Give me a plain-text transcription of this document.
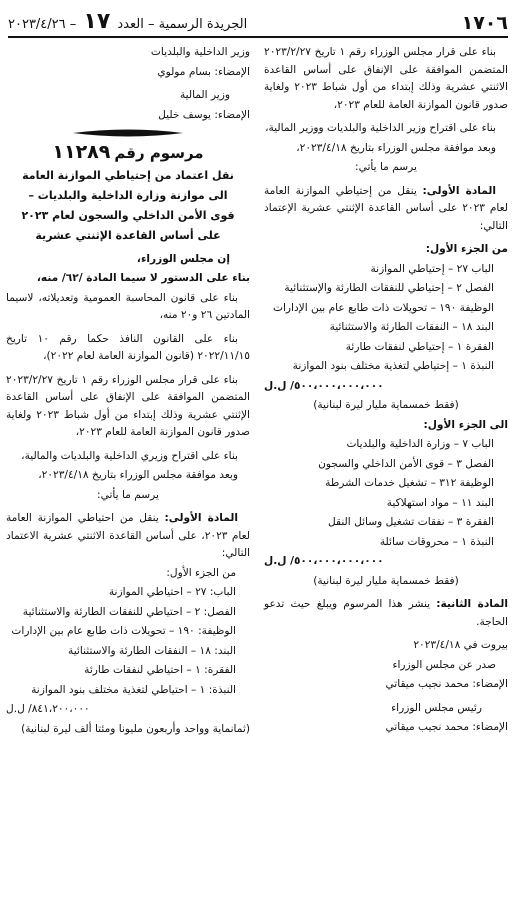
١٧٠٦
الجريدة الرسمية – العدد ١٧ – ٢٠٢٣/٤/٢٦

بناء على قرار مجلس الوزراء رقم ١ تاريخ ٢٠٢٣/٢/٢٧ المتضمن الموافقة على الإنفاق على أساس القاعدة الاثنتي عشرية وذلك إبتداء من أول شباط ٢٠٢٣ ولغاية صدور قانون الموازنة العامة للعام ٢٠٢٣،

بناء على اقتراح وزير الداخلية والبلديات ووزير المالية،

وبعد موافقة مجلس الوزراء بتاريخ ٢٠٢٣/٤/١٨،

يرسم ما يأتي:

المادة الأولى: ينقل من إحتياطي الموازنة العامة لعام ٢٠٢٣ على أساس القاعدة الإثنتي عشرية الإعتماد التالي:

من الجزء الأول:

الباب ٢٧ – إحتياطي الموازنة

الفصل ٢ – إحتياطي للنفقات الطارئة والإستثنائية

الوظيفة ١٩٠ – تحويلات ذات طابع عام بين الإدارات

البند ١٨ – النفقات الطارئة والاستثنائية

الفقرة ١ – إحتياطي لنفقات طارئة

النبذة ١ – إحتياطي لتغذية مختلف بنود الموازنة

٥٠٠،٠٠٠،٠٠٠،٠٠٠/ ل.ل

(فقط خمسماية مليار ليرة لبنانية)

الى الجزء الأول:

الباب ٧ – وزارة الداخلية والبلديات

الفصل ٣ – قوى الأمن الداخلي والسجون

الوظيفة ٣١٢ – تشغيل خدمات الشرطة

البند ١١ – مواد استهلاكية

الفقرة ٣ – نفقات تشغيل وسائل النقل

النبذة ١ – محروقات سائلة

٥٠٠،٠٠٠،٠٠٠،٠٠٠/ ل.ل

(فقط خمسماية مليار ليرة لبنانية)

المادة الثانية: ينشر هذا المرسوم ويبلغ حيث تدعو الحاجة.

بيروت في ٢٠٢٣/٤/١٨

صدر عن مجلس الوزراء

الإمضاء: محمد نجيب ميقاتي

رئيس مجلس الوزراء

الإمضاء: محمد نجيب ميقاتي

وزير الداخلية والبلديات

الإمضاء: بسام مولوي

وزير المالية

الإمضاء: يوسف خليل

مرسوم رقم١١٢٨٩

نقل اعتماد من إحتياطي الموازنة العامة

الى موازنة وزارة الداخلية والبلديات –

قوى الأمن الداخلي والسجون لعام ٢٠٢٣

على أساس القاعدة الإثنتي عشرية

إن مجلس الوزراء،

بناء على الدستور لا سيما المادة /٦٢/ منه،

بناء على قانون المحاسبة العمومية وتعديلاته، لاسيما المادتين ٢٦ و٢٠ منه،

بناء على القانون النافذ حكما رقم ١٠ تاريخ ٢٠٢٢/١١/١٥ (قانون الموازنة العامة لعام ٢٠٢٢)،

بناء على قرار مجلس الوزراء رقم ١ تاريخ ٢٠٢٣/٢/٢٧ المتضمن الموافقة على الإنفاق على أساس القاعدة الإثنتي عشرية وذلك إبتداء من أول شباط ٢٠٢٣ ولغاية صدور قانون الموازنة العامة للعام ٢٠٢٣،

بناء على اقتراح وزيري الداخلية والبلديات والمالية،

وبعد موافقة مجلس الوزراء بتاريخ ٢٠٢٣/٤/١٨،

يرسم ما يأتي:

المادة الأولى: ينقل من احتياطي الموازنة العامة لعام ٢٠٢٣، على أساس القاعدة الاثنتي عشرية الاعتماد التالي:

من الجزء الأول:

الباب: ٢٧ – احتياطي الموازنة

الفصل: ٢ – احتياطي للنفقات الطارئة والاستثنائية

الوظيفة: ١٩٠ – تحويلات ذات طابع عام بين الإدارات

البند: ١٨ – النفقات الطارئة والاستثنائية

الفقرة: ١ – احتياطي لنفقات طارئة

النبذة: ١ – احتياطي لتغذية مختلف بنود الموازنة

٨٤١،٢٠٠،٠٠٠/ ل.ل

(ثمانماية وواحد وأربعون مليونا ومئتا ألف ليرة لبنانية)
